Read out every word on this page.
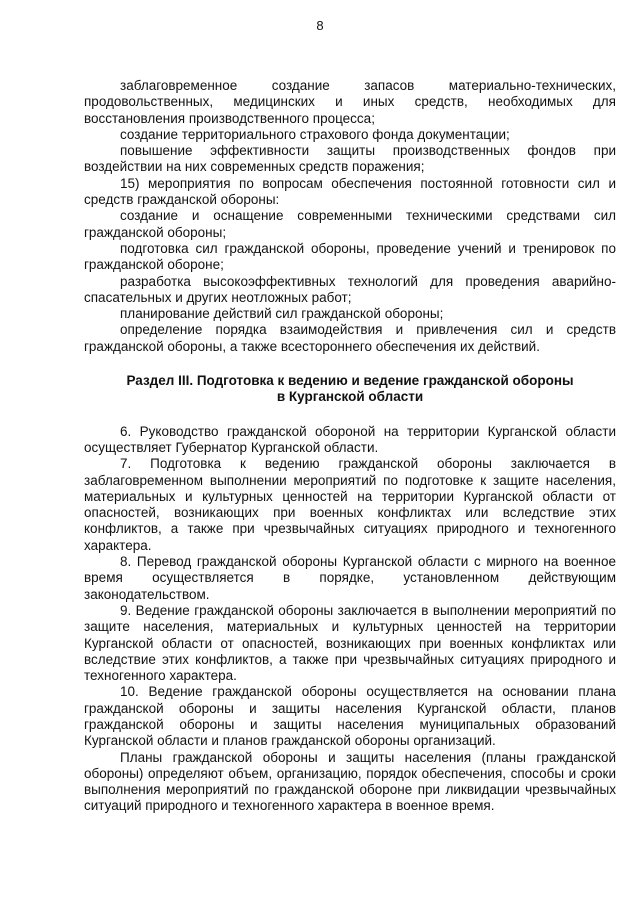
8

заблаговременное создание запасов материально-технических, продовольственных, медицинских и иных средств, необходимых для восстановления производственного процесса;

создание территориального страхового фонда документации;

повышение эффективности защиты производственных фондов при воздействии на них современных средств поражения;

15) мероприятия по вопросам обеспечения постоянной готовности сил и средств гражданской обороны:

создание и оснащение современными техническими средствами сил гражданской обороны;

подготовка сил гражданской обороны, проведение учений и тренировок по гражданской обороне;

разработка высокоэффективных технологий для проведения аварийно-спасательных и других неотложных работ;

планирование действий сил гражданской обороны;

определение порядка взаимодействия и привлечения сил и средств гражданской обороны, а также всестороннего обеспечения их действий.

Раздел III. Подготовка к ведению и ведение гражданской обороны
в Курганской области

6. Руководство гражданской обороной на территории Курганской области осуществляет Губернатор Курганской области.

7. Подготовка к ведению гражданской обороны заключается в заблаговременном выполнении мероприятий по подготовке к защите населения, материальных и культурных ценностей на территории Курганской области от опасностей, возникающих при военных конфликтах или вследствие этих конфликтов, а также при чрезвычайных ситуациях природного и техногенного характера.

8. Перевод гражданской обороны Курганской области с мирного на военное время осуществляется в порядке, установленном действующим законодательством.

9. Ведение гражданской обороны заключается в выполнении мероприятий по защите населения, материальных и культурных ценностей на территории Курганской области от опасностей, возникающих при военных конфликтах или вследствие этих конфликтов, а также при чрезвычайных ситуациях природного и техногенного характера.

10. Ведение гражданской обороны осуществляется на основании плана гражданской обороны и защиты населения Курганской области, планов гражданской обороны и защиты населения муниципальных образований Курганской области и планов гражданской обороны организаций.

Планы гражданской обороны и защиты населения (планы гражданской обороны) определяют объем, организацию, порядок обеспечения, способы и сроки выполнения мероприятий по гражданской обороне при ликвидации чрезвычайных ситуаций природного и техногенного характера в военное время.
